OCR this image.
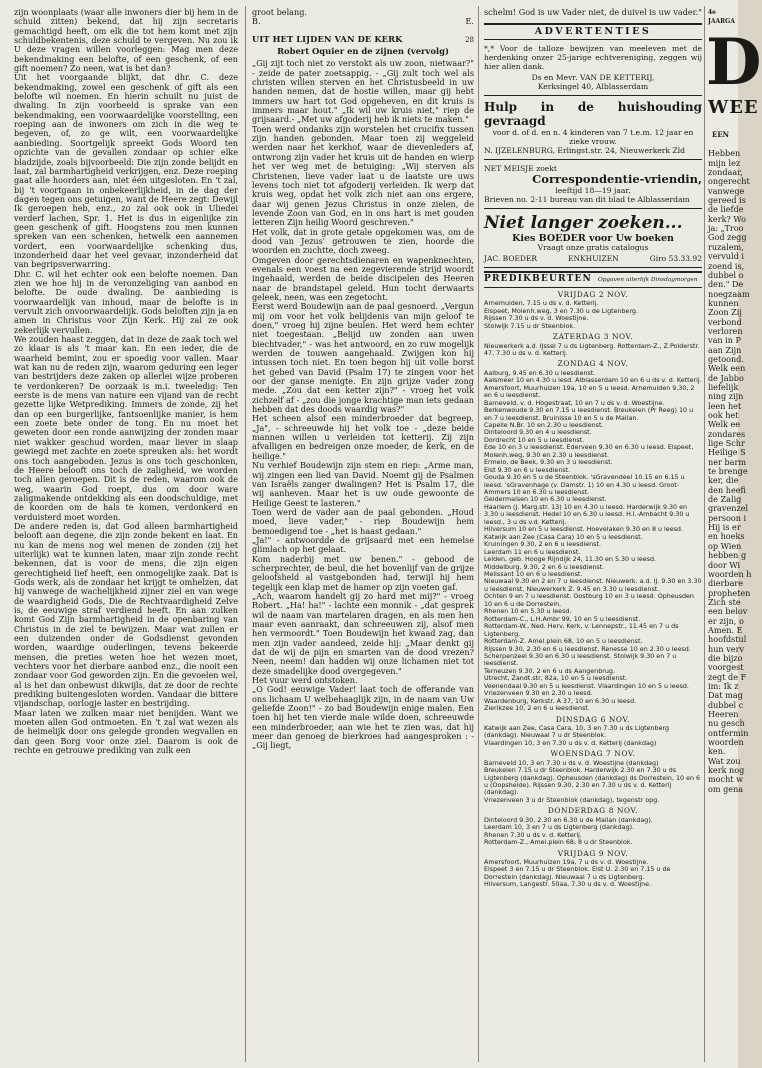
zijn woonplaats (waar alle inwoners dier bij hem in de schuld zitten) bekend, dat hij zijn secretaris gemachtigd heeft, om elk die tot hem komt met zijn schuldbekentenis, deze schuld te vergeven. Nu zou ik U deze vragen willen voorleggen: Mag men deze bekendmaking een belofte, of een geschenk, of een gift noemen? Zo neen, wat is het dan?

Uit het voorgaande blijkt, dat dhr. C. deze bekendmaking, zowel een geschenk of gift als een belofte wil noemen. En hierin schuilt nu juist de dwaling. In zijn voorbeeld is sprake van een bekendmaking, een voorwaardelijke voorstelling, een roeping aan de inwoners om zich in die weg te begeven, of, zo ge wilt, een voorwaardelijke aanbieding. Soortgelijk spreekt Gods Woord ten opzichte van de gevallen zondaar op schier elke bladzijde, zoals bijvoorbeeld: Die zijn zonde belijdt en laat, zal barmhartigheid verkrijgen, enz. Deze roeping gaat alle hoorders aan, niet één uitgesloten. En 't zal, bij 't voortgaan in onbekeerlijkheid, in de dag der dagen tegen ons getuigen, want de Heere zegt: Dewijl Ik geroepen heb, enz., zo zal ook ook in Uliedei verderf lachen, Spr. 1. Het is dus in eigenlijke zin geen geschenk of gift. Hoogstens zou men kunnen spreken van een schenken, hetwelk een aannemen vordert, een voorwaardelijke schenking dus, inzonderheid daar het veel gevaar, inzonderheid dat van begripsverwarring.

Dhr. C. wil het echter ook een belofte noemen. Dan zien we hoe hij in de veronzeliging van aanbod en belofte. De oude dwaling. De aanbieding is voorwaardelijk van inhoud, maar de belofte is in vervult zich onvoorwaardelijk. Gods beloften zijn ja en amen in Christus voor Zijn Kerk. Hij zal ze ook zekerlijk vervullen.

We zouden haast zeggen, dat in deze de zaak toch wel zo klaar is als 't maar kan. En een ieder, die de waarheid bemint, zou er spoedig voor vallen. Maar wat kan nu de reden zijn, waarom geduring een leger van bestrijders deze zaken op allerlei wijze proberen te verdonkeren? De oorzaak is m.i. tweeledig: Ten eerste is de mens van nature een vijand van de recht gezette lijke Wetprediking. Immers de zonde, zij het dan op een burgerlijke, fantsoenlijke manier, is hem een zoete bete onder de tong. En nu moet het geweten door een ronde aanwijzing der zonden maar niet wakker geschud worden, maar liever in slaap gewiegd met zachte en zoete spreuken als: het wordt ons toch aangeboden. Jezus is ons toch geschonken, de Heere belooft ons toch de zaligheid, we worden toch allen geroepen. Dit is de reden, waarom ook de weg, waarin God roept, dus om door ware zaligmakende ontdekking als een doodschuldige, met de koorden om de hals te komen, verdonkerd en verduisterd moet worden.

De andere reden is, dat God alleen barmhartigheid belooft aan degene, die zijn zonde bekent en laat. En nu kan de mens nog wel menen de zonden (zij het uiterlijk) wat te kunnen laten, maar zijn zonde recht bekennen, dat is voor de mens, die zijn eigen gerechtigheid lief heeft, een onmogelijke zaak. Dat is Gods werk, als de zondaar het krijgt te omhelzen, dat hij vanwege de wachelijkheid zijner ziel en van wege de waardigheid Gods, Die de Rechtvaardigheid Zelve is, de eeuwige straf verdiend heeft. En aan zulken komt God Zijn barmhartigheid in de openbaring van Christus in de ziel te bewijzen. Maar wat zullen er een duizenden onder de Godsdienst gevonden worden, waardige ouderlingen, tevens bekeerde mensen, die preties weten hoe het wezen moet, vechters voor het dierbare aanbod enz., die nooit een zondaar voor God geworden zijn. En die gevoelen wel, al is het dan onbewust dikwijls, dat ze door de rechte prediking buitengesloten worden. Vandaar die bittere vijandschap, oorlogje laster en bestrijding.

Maar laten we zulken maar niet benijden. Want we moeten allen God ontmoeten. En 't zal wat wezen als de heimelijk door ons gelegde gronden wegvallen en dan geen Borg voor onze ziel. Daarom is ook de rechte en getrouwe prediking van zulk een

groot belang.

B.	E.
UIT HET LIJDEN VAN DE KERK	28
Robert Oquier en de zijnen (vervolg)

„Gij zijt toch niet zo verstokt als uw zoon, nietwaar?" - zeide de pater zoetsappig. - „Gij zult toch wel als christen willen sterven en het Christusbeeld in uw handen nemen, dat de hostie willen, maar gij hebt immers uw hart tot God opgeheven, en dit kruis is immers maar hout." „Ik wil uw kruis niet," riep de grijsaard.- „Met uw afgoderij heb ik niets te maken."

Toen werd ondanks zijn worstelen het crucifix tussen zijn handen gebonden. Maar toen zij weggeleid werden naar het kerkhof, waar de dievenleders af, ontwrong zijn vader het kruis uit de handen en wierp het ver weg met de betuiging: „Wij sterven als Christenen, lieve vader laat u de laatste ure uws levens toch niet tot afgoderij verleiden. Ik werp dat kruis weg, opdat het volk zich niet aan ons ergere, daar wij genen Jezus Christus in onze zielen, de levende Zoon van God, en in ons hart is met gouden letteren Zijn heilig Woord geschreven."

Het volk, dat in grote getale opgekomen was, om de dood van Jezus' getrouwen te zien, hoorde die woorden en zuchtte, doch zweeg.

Omgeven door gerechtsdienaren en wapenknechten, evenals een voest na een zegevierende strijd woordt ingehaald, werden de beide discipelen des Heeren naar de brandstapel geleid. Hun tocht derwaarts geleek, neen, was een zegetocht.

Eerst werd Boudewijn aan de paal gesnoerd. „Vergun mij om voor het volk belijdenis van mijn geloof te doen," vroeg hij zijne beulen. Het werd hem echter niet toegestaan. „Belijd uw zonden aan uwen biechtvader," - was het antwoord, en zo ruw mogelijk werden de touwen aangehaald. Zwijgen kon hij intussen toch niet. En toen begon hij uit volle borst het gebed van David (Psalm 17) te zingen voor het oor der ganse menigte. En zijn grijze vader zong mede. „Zou dat een ketter zijn?" - vroeg het volk zichzelf af - „zou die jonge krachtige man iets gedaan hebben dat des doods waardig was?"

Het scheen alsof een minderbroeder dat begreep. „Ja", - schreeuwde hij het volk toe - „deze beide mannen willen u verleiden tot ketterij. Zij zijn afvalligen en bedreigen onze moeder, de kerk, en de heilige."

Nu verhief Boudewijn zijn stem en riep: „Arme man, wij zingen een lied van David. Noemt gij de Psalmen van Israëls zanger dwalingen? Het is Psalm 17, die wij aanheven. Maar het is uw oude gewoonte de Heilige Geest te lasteren."

Toen werd de vader aan de paal gebonden. „Houd moed, lieve vader," - riep Boudewijn hem bemoedigend toe - „het is haast gedaan."

„Ja!" - antwoordde de grijsaard met een hemelse glimlach op het gelaat.

Kom naderbij met uw benen." - gebood de scherprechter, de beul, die het bovenlijf van de grijze geloofsheld al vastgebonden had, terwijl hij hem tegelijk een klap met de hamer op zijn voeten gaf.

„Ach, waarom handelt gij zo hard met mij?" - vroeg Robert. „Ha! ha!" - lachte een monnik - „dat gesprek wil de naam van martelaren dragen, en als men hen maar even aanraakt, dan schreeuwen zij, alsof men hen vermoordt." Toen Boudewijn het kwaad zag, dan men zijn vader aandeed, zeide hij: „Maar denkt gij dat de wij de pijn en smarten van de dood vrezen? Neen, neem! dan hadden wij onze lichamen niet tot deze smadelijke dood overgegeven."

Het vuur werd ontstoken.

„O God! eeuwige Vader! laat toch de offerande van ons lichaam U welbehaaglijk zijn, in de naam van Uw geliefde Zoon!" - zo bad Boudewijn enige malen. Een toen hij het ten vierde male wilde doen, schreeuwde een minderbroeder, aan wie het te zien was, dat hij meer dan genoeg de bierkroes had aangesproken : - „Gij liegt,

schelm! God is uw Vader niet, de duivel is uw vader."

ADVERTENTIES
*,* Voor de talloze bewijzen van meeleven met de herdenking onzer 25-jarige echtvereniging, zeggen wij hier allen dank.
Ds en Mevr. VAN DE KETTERIJ,
Kerksingel 40, Alblasserdam
Hulp in de huishouding gevraagd
voor d. of d. en n. 4 kinderen van 7 t.e.m. 12 jaar en zieke vrouw.
N. IJZELENBURG, Erlingst.str. 24, Nieuwerkerk Zld
NET MEISJE zoekt
Correspondentie-vriendin,
leeftijd 18—19 jaar.
Brieven no. 2-11 bureau van dit blad te Alblasserdam
Niet langer zoeken...
Kies BOEDER voor Uw boeken
Vraagt onze gratis catalogus
JAC. BOEDER	ENKHUIZEN	Giro 53.33.92
PREDIKBEURTEN Opgaven uiterlijk Dinsdagmorgen
VRIJDAG 2 NOV.

Arnemuiden, 7.15 u ds v. d. Ketterij.

Elspeet, Molenh.weg, 3 en 7.30 u de Ligtenberg.

Rijssen 7.30 u ds v. d. Woestijne.

Stolwijk 7.15 u dr Steenblok.

ZATERDAG 3 NOV.

Nieuwerkerk a.d. IJssel 7 u ds Ligtenberg. Rotterdam-Z., Z.Polderstr. 47, 7.30 u ds v. d. Ketterij.

ZONDAG 4 NOV.

Aalburg, 9.45 en 6.30 u leesdienst.

Aalsmeer 10 en 4.30 u lesd. Alblasserdam 10 en 6 u ds v. d. Ketterij. Amersfoort, Muurhuizen 19a, 10 en 5 u leesd. Arnemuiden 9.30, 2 en 6 u leesdienst.

Barneveld, v. d. Hogestraat, 10 en 7 u ds v. d. Woestijne.

Berkenwoude 9.30 en 7.15 u leesdienst. Breukelen (Pr Reeg) 10 u en 7 u leesdienst. Bruinisse 10 en 5 u de Mailan.

Capelle N.Br. 10 en 2.30 u leesdienst.

Dinteloord 9.30 en 4 u leesdienst.

Dordrecht 10 en 5 u leesdienst.

Ede 10 en 3 u leesdienst. Ederveen 9.30 en 6.30 u leesd. Elspeet, Molenh.weg, 9.30 en 2.30 u leesdienst.

Ermelo, de Beek, 9.30 en 3 u leesdienst.

Elst 9.30 en 6 u leesdienst.

Gouda 9.30 en 5 u de Steenblok. 'sGravendeel 10.15 en 6.15 u leesd. 'sGravenhage (v. Damstr. 1) 10 en 4.30 u leesd. Groot-Ammers 10 en 6.30 u leesdienst.

Geldermalsen 10 en 6.30 u leesdienst.

Haarlem (J. Marg.str. 13) 10 en 4.30 u leesd. Harderwijk 9.30 en 3.30 u leesdienst. Hedel 10 en 6.30 u leesd. H.I.-Ambacht 9.30 u leesd., 3 u ds v.d. Ketterij.

Hilversum 10 en 5 u leesdienst. Hoevelaken 9.30 en 8 u leesd.

Katwijk aan Zee (Casa Cara) 10 en 5 u leesdienst.

Kruiningen 9.30, 2 en 6 u leesdienst.

Leerdam 11 en 6 u leesdienst.

Leiden, geb. Hooge Rijndijk 24, 11.30 en 5.30 u leesd.

Middelburg, 9.30, 2 en 6 u leesdienst.

Melissant 10 en 6 u leesdienst.

Nieuwaal 9.30 en 2 en 7 u leesdienst. Nieuwerk. a.d. IJ. 9.30 en 3.30 u leesdienst. Nieuwerkerk Z. 9.45 en 3.30 u leesdienst.

Ochten 9 en 7 u leesdienst. Oostburg 10 en 3 u leesd. Opheusden 10 en 6 u de Dorrestein.

Rhenen 10 en 5.30 u leesd.

Rotterdam-C., L.H.Ambr 99, 10 en 5 u leesdienst.

Rotterdam-W., Ned. Herv. Kerk, v. Lennepstr., 11.45 en 7 u ds Ligtenberg.

Rotterdam-Z. Amel.plein 68, 10 en 5 u leesdienst.

Rijssen 9.30, 2.30 en 6 u leesdienst. Renesse 10 en 2.30 u leesd.

Scherpenzeel 9.30 en 6.30 u leesdienst. Stolwijk 9.30 en 7 u leesdienst.

Terneuzen 9.30, 2 en 6 u ds Aangenbrug.

Utrecht, Zandt.str, 82a, 10 en 5 u leesdienst.

Veenendaal 9.30 en 5 u leesdienst. Vlaardingen 10 en 5 u leesd. Vriezenveen 9.30 en 2.30 u leesd.

Waardenburg, Kerkstr. A 37, 10 en 6.30 u leesd.

Zierikzee 10, 2 en 6 u leesdienst.

DINSDAG 6 NOV.

Katwijk aan Zee, Casa Cara, 10, 3 en 7.30 u ds Ligtenberg (dankdag). Nieuwaal 7 u dr Steenblok.

Vlaardingen 10, 3 en 7.30 u ds v. d. Ketterij (dankdag)

WOENSDAG 7 NOV.

Barneveld 10, 3 en 7.30 u ds v. d. Woestijne (dankdag)

Breukelen 7.15 u dr Steenblok. Harderwijk 2.30 en 7.30 u ds Ligtenberg (dankdag). Opheusden (dankdag) ds Dorrestein, 10 en 6 u (Oopsheide). Rijssen 9.30, 2.30 en 7.30 u ds v. d. Ketterij (dankdag).

Vriezenveen 3 u dr Steenblok (dankdag), tegenstr opg.

DONDERDAG 8 NOV.

Dinteloord 9.30, 2.30 en 6.30 u de Mailan (dankdag).

Leerdam 10, 3 en 7 u ds Ligtenberg (dankdag).

Rhenen 7.30 u ds v. d. Ketterij.

Rotterdam-Z., Amel.plein 68, 8 u dr Steenblok.

VRIJDAG 9 NOV.

Amersfoort, Muurhuizen 19a, 7 u ds v. d. Woestijne.

Elspeet 3 en 7.15 u dr Steenblok. Elst U. 2.30 en 7.15 u de Dorrestein (dankdag). Nieuwaal 7 u ds Ligtenberg.

Hilversum, Langestr. 50aa, 7.30 u ds v. d. Woestijne.

4e JAARGA
D
WEE
EEN
Hebben
mijn lez
zondaar,
ongerecht
vanwege
gereed is
de liefde
kerk? Wo
ja: „Troo
God zegg
ruzalem,
vervuld i
zoend is,
dubbel o
den." De
noegzaam
kunnen
Zoon Zij
verbond
verloren
van in P
aan Zijn
getoond.
Welk een
de Jabbo
liefelijk
ning zijn
leen het
ook het
Welk ee
zondares
lige Schr
Heilige S
ner barm
te brenge
ker, die
den heefi
de Zalig
gravenzel
persoon i
Hij is er
en hoeks
op Wien
hebben g
door Wi
woorden h
dierbare
propheten
Zich ste
een belov
er zijn, o
Amen. E
hoofdstul
hun verv
die bijzo
voorgest
zegt de F
im: Ik z
Dat mag
dubbel c
Heeren
nu gesch
ontfermin
woorden
ken.
Wat zou
kerk nog
mocht w
om gena
